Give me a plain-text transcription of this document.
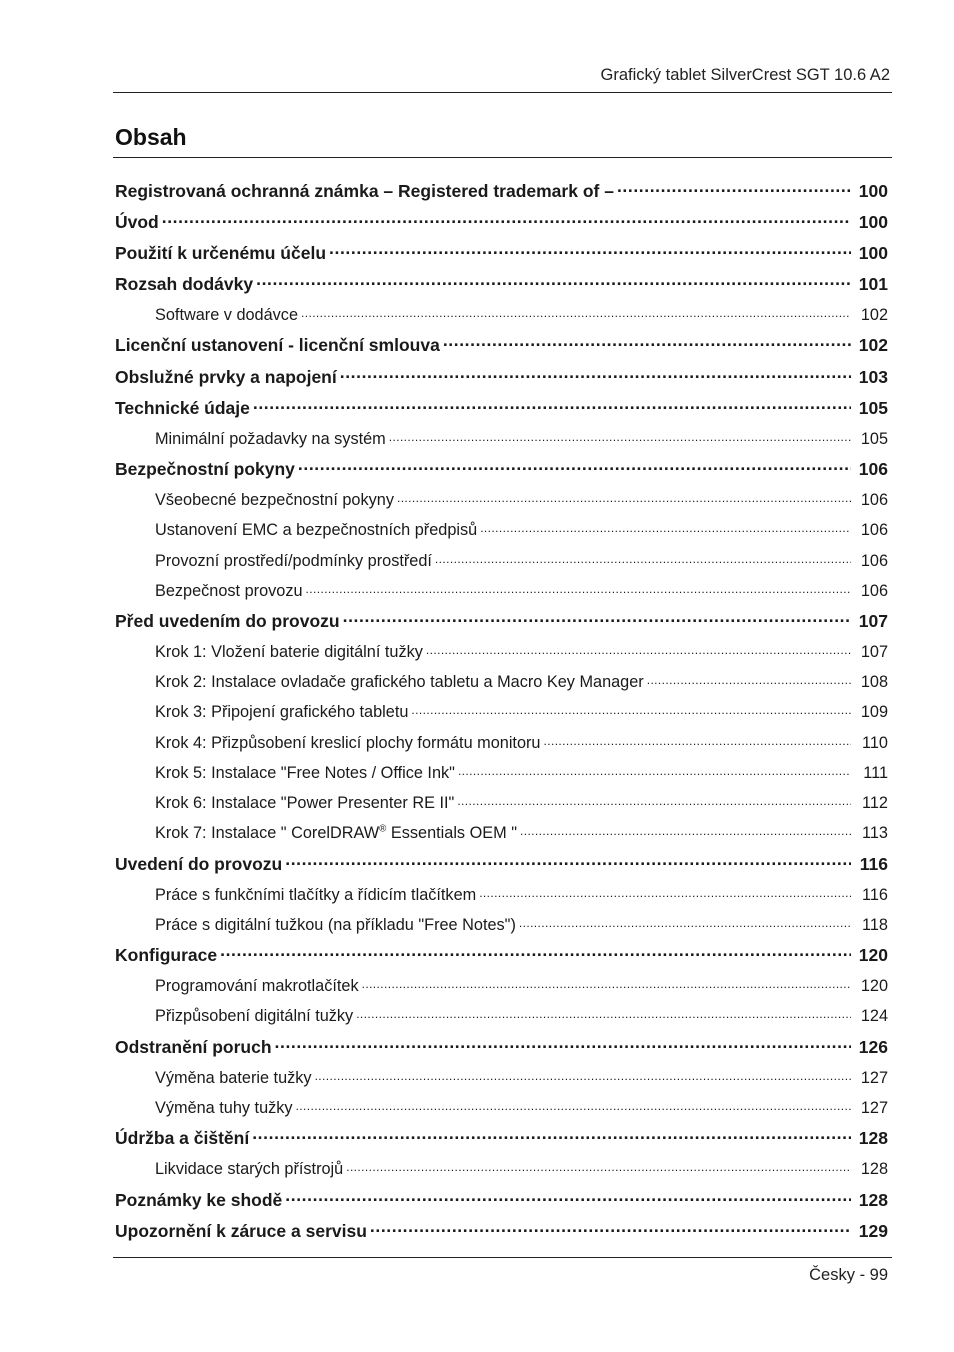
Grafický tablet SilverCrest SGT 10.6 A2
Obsah
Registrovaná ochranná známka – Registered trademark of – .....	100
Úvod .....	100
Použití k určenému účelu .....	100
Rozsah dodávky .....	101
Software v dodávce .....	102
Licenční ustanovení - licenční smlouva .....	102
Obslužné prvky a napojení .....	103
Technické údaje .....	105
Minimální požadavky na systém .....	105
Bezpečnostní pokyny .....	106
Všeobecné bezpečnostní pokyny .....	106
Ustanovení EMC a bezpečnostních předpisů .....	106
Provozní prostředí/podmínky prostředí .....	106
Bezpečnost provozu .....	106
Před uvedením do provozu .....	107
Krok 1: Vložení baterie digitální tužky .....	107
Krok 2: Instalace ovladače grafického tabletu a Macro Key Manager .....	108
Krok 3: Připojení grafického tabletu .....	109
Krok 4: Přizpůsobení kreslicí plochy formátu monitoru .....	110
Krok 5: Instalace "Free Notes / Office Ink" .....	111
Krok 6: Instalace "Power Presenter RE II" .....	112
Krok 7: Instalace " CorelDRAW® Essentials OEM " .....	113
Uvedení do provozu .....	116
Práce s funkčními tlačítky a řídicím tlačítkem .....	116
Práce s digitální tužkou (na příkladu "Free Notes") .....	118
Konfigurace .....	120
Programování makrotlačítek .....	120
Přizpůsobení digitální tužky .....	124
Odstranění poruch .....	126
Výměna baterie tužky .....	127
Výměna tuhy tužky .....	127
Údržba a čištění .....	128
Likvidace starých přístrojů .....	128
Poznámky ke shodě .....	128
Upozornění k záruce a servisu .....	129
Česky - 99
